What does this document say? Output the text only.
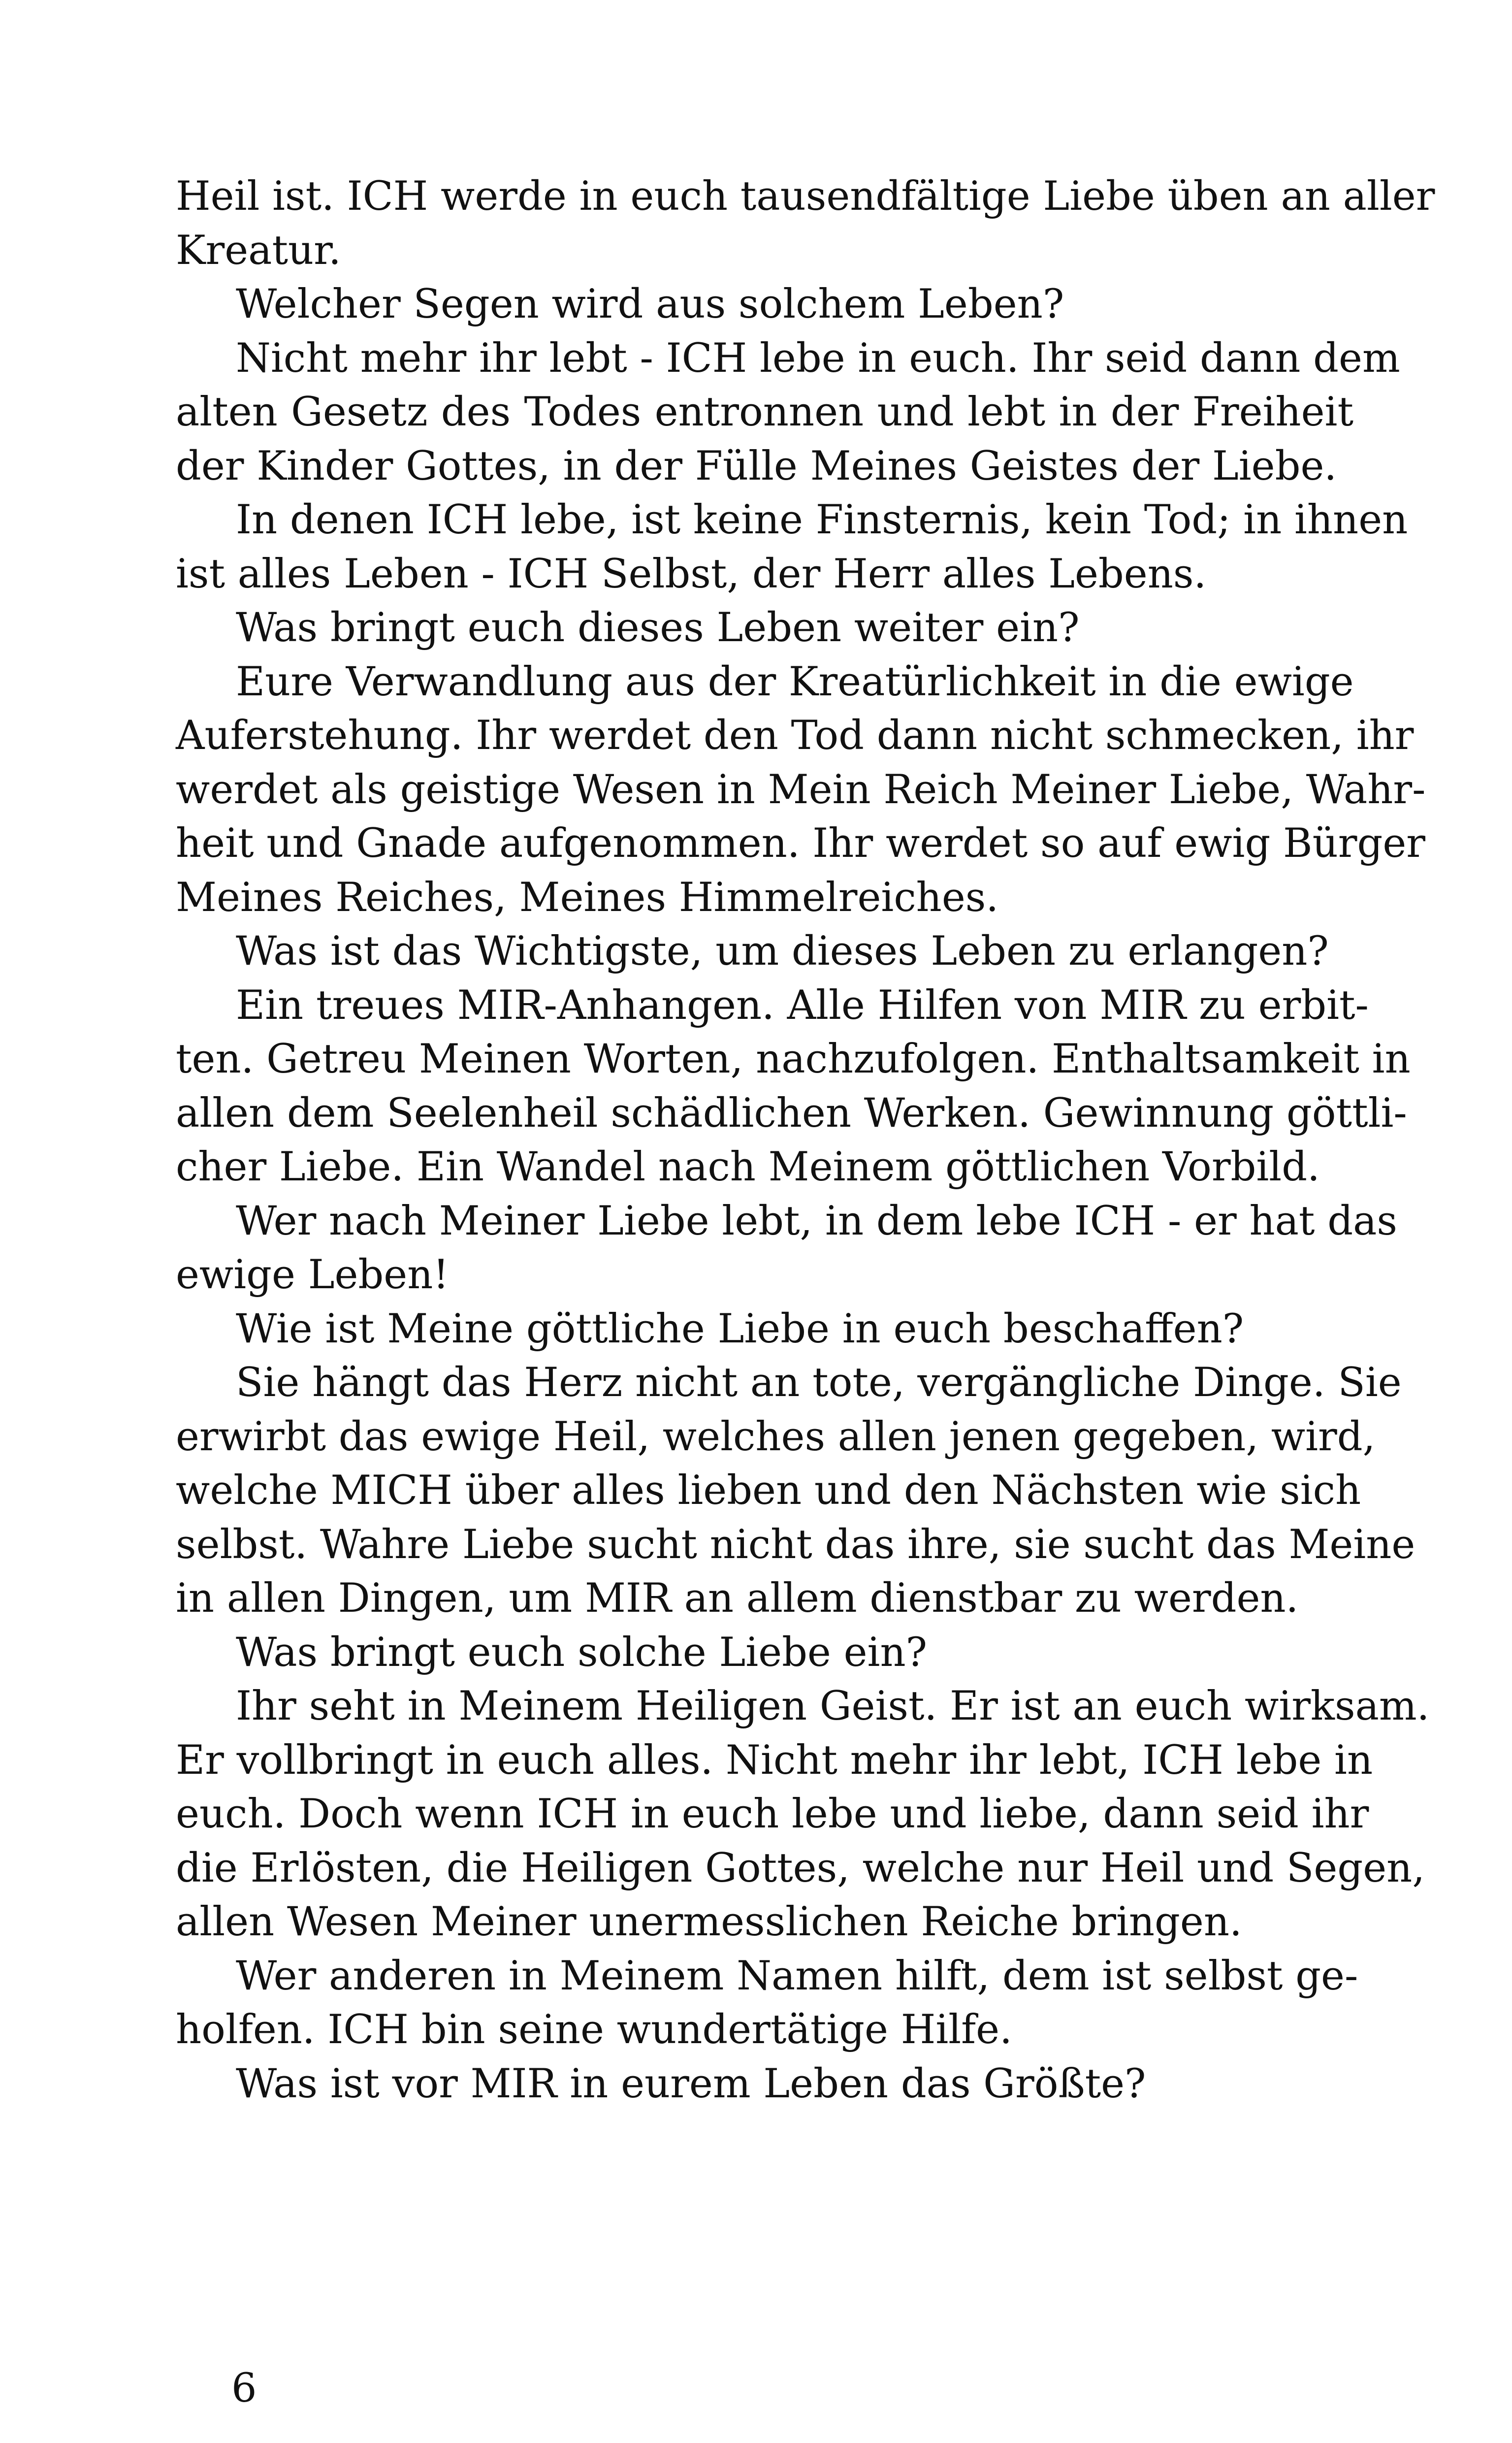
Heil ist. ICH werde in euch tausendfältige Liebe üben an aller
Kreatur.
Welcher Segen wird aus solchem Leben?
Nicht mehr ihr lebt - ICH lebe in euch. Ihr seid dann dem
alten Gesetz des Todes entronnen und lebt in der Freiheit
der Kinder Gottes, in der Fülle Meines Geistes der Liebe.
In denen ICH lebe, ist keine Finsternis, kein Tod; in ihnen
ist alles Leben - ICH Selbst, der Herr alles Lebens.
Was bringt euch dieses Leben weiter ein?
Eure Verwandlung aus der Kreatürlichkeit in die ewige
Auferstehung. Ihr werdet den Tod dann nicht schmecken, ihr
werdet als geistige Wesen in Mein Reich Meiner Liebe, Wahr-
heit und Gnade aufgenommen. Ihr werdet so auf ewig Bürger
Meines Reiches, Meines Himmelreiches.
Was ist das Wichtigste, um dieses Leben zu erlangen?
Ein treues MIR-Anhangen. Alle Hilfen von MIR zu erbit-
ten. Getreu Meinen Worten, nachzufolgen. Enthaltsamkeit in
allen dem Seelenheil schädlichen Werken. Gewinnung göttli-
cher Liebe. Ein Wandel nach Meinem göttlichen Vorbild.
Wer nach Meiner Liebe lebt, in dem lebe ICH - er hat das
ewige Leben!
Wie ist Meine göttliche Liebe in euch beschaffen?
Sie hängt das Herz nicht an tote, vergängliche Dinge. Sie
erwirbt das ewige Heil, welches allen jenen gegeben, wird,
welche MICH über alles lieben und den Nächsten wie sich
selbst. Wahre Liebe sucht nicht das ihre, sie sucht das Meine
in allen Dingen, um MIR an allem dienstbar zu werden.
Was bringt euch solche Liebe ein?
Ihr seht in Meinem Heiligen Geist. Er ist an euch wirksam.
Er vollbringt in euch alles. Nicht mehr ihr lebt, ICH lebe in
euch. Doch wenn ICH in euch lebe und liebe, dann seid ihr
die Erlösten, die Heiligen Gottes, welche nur Heil und Segen,
allen Wesen Meiner unermesslichen Reiche bringen.
Wer anderen in Meinem Namen hilft, dem ist selbst ge-
holfen. ICH bin seine wundertätige Hilfe.
Was ist vor MIR in eurem Leben das Größte?
6
